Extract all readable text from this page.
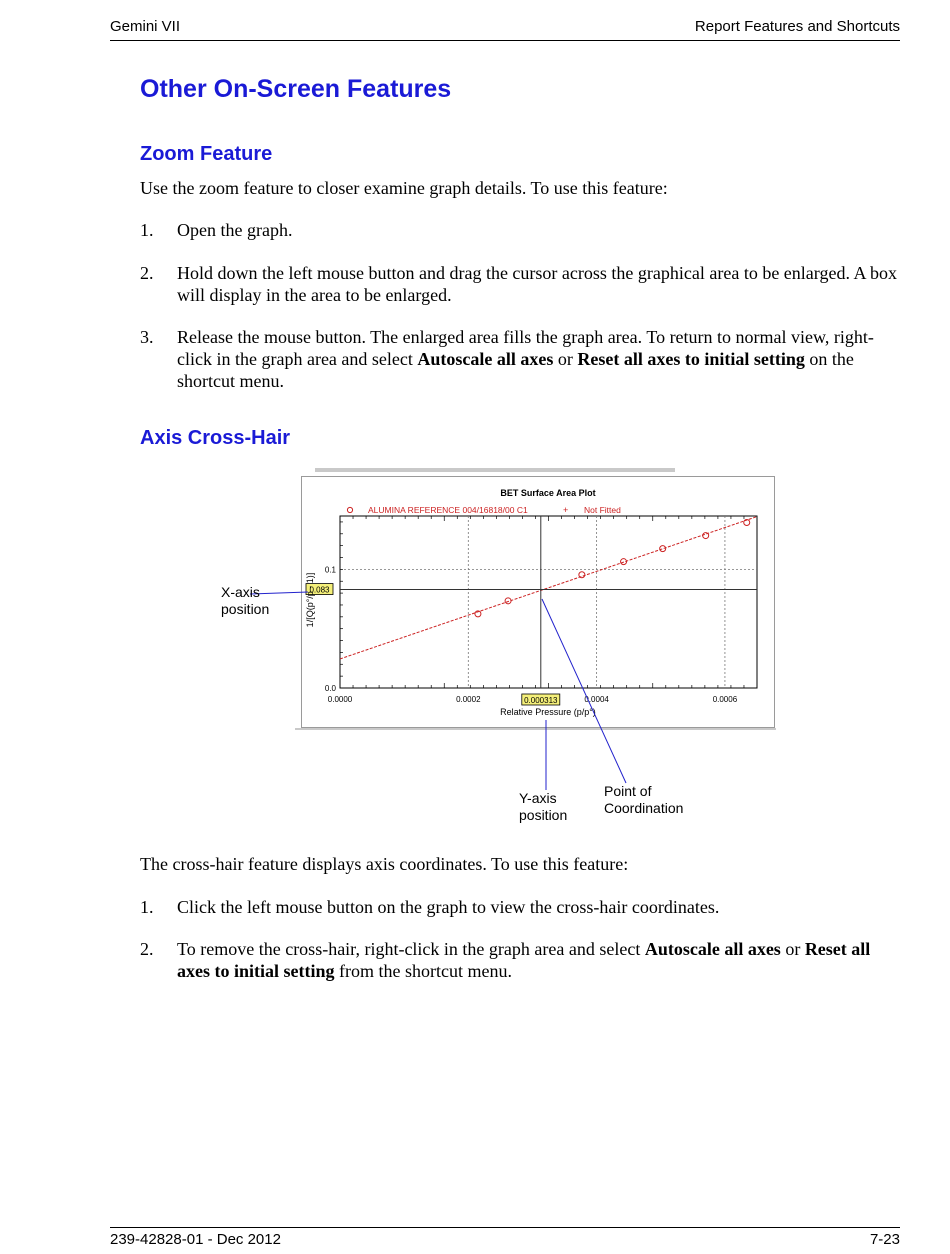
Gemini VII	Report Features and Shortcuts
Other On-Screen Features
Zoom Feature

Use the zoom feature to closer examine graph details. To use this feature:

1. Open the graph.
2. Hold down the left mouse button and drag the cursor across the graphical area to be enlarged. A box will display in the area to be enlarged.
3. Release the mouse button. The enlarged area fills the graph area. To return to normal view, right-click in the graph area and select Autoscale all axes or Reset all axes to initial setting on the shortcut menu.
Axis Cross-Hair
0.0000	0.0002	0.0004	0.0006
0.0
0.1
0.083
0.000313
BET Surface Area Plot
ALUMINA REFERENCE 004/16818/00 C1	+ Not Fitted
Relative Pressure (p/p°)
1/[Q(p°/p - 1)]
X-axis
position
Y-axis
position
Point of
Coordination

The cross-hair feature displays axis coordinates. To use this feature:

1. Click the left mouse button on the graph to view the cross-hair coordinates.
2. To remove the cross-hair, right-click in the graph area and select Autoscale all axes or Reset all axes to initial setting from the shortcut menu.
239-42828-01 - Dec 2012	7-23
